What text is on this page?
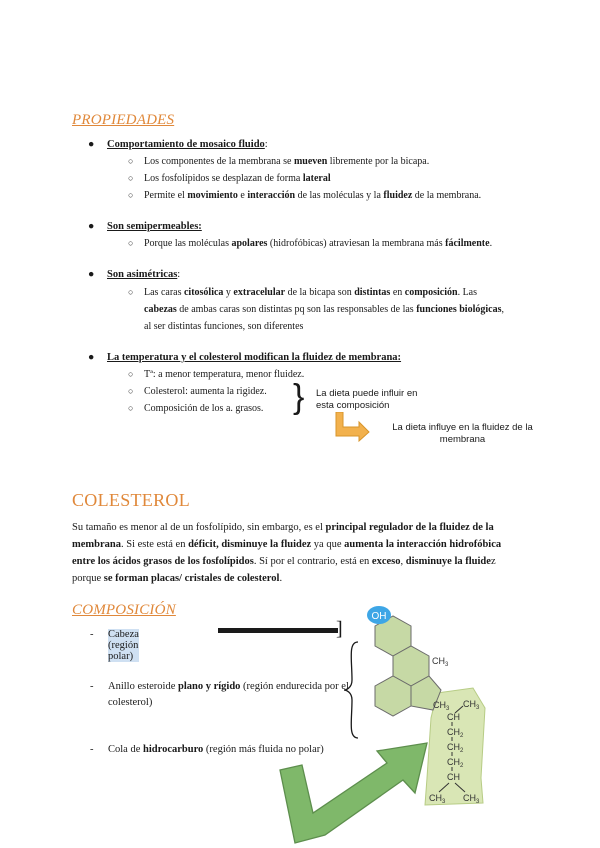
PROPIEDADES
● Comportamiento de mosaico fluido:
○ Los componentes de la membrana se mueven libremente por la bicapa.
○ Los fosfolípidos se desplazan de forma lateral
○ Permite el movimiento e interacción de las moléculas y la fluidez de la membrana.
● Son semipermeables:
○ Porque las moléculas apolares (hidrofóbicas) atraviesan la membrana más fácilmente.
● Son asimétricas:
○ Las caras citosólica y extracelular de la bicapa son distintas en composición. Las
cabezas de ambas caras son distintas pq son las responsables de las funciones biológicas,
al ser distintas funciones, son diferentes
● La temperatura y el colesterol modifican la fluidez de membrana:
○ Tª: a menor temperatura, menor fluidez.
○ Colesterol: aumenta la rigidez.
○ Composición de los a. grasos. } La dieta puede influir en esta composición
La dieta influye en la fluidez de la membrana
COLESTEROL
Su tamaño es menor al de un fosfolípido, sin embargo, es el principal regulador de la fluidez de la
membrana. Si este está en déficit, disminuye la fluidez ya que aumenta la interacción hidrofóbica
entre los ácidos grasos de los fosfolípidos. Sí por el contrario, está en exceso, disminuye la fluidez
porque se forman placas/ cristales de colesterol.
COMPOSICIÓN
- Cabeza (región polar)
]
- Anillo esteroide plano y rígido (región endurecida por el
colesterol)
- Cola de hidrocarburo (región más fluida no polar)
OH
$CH_3$
$CH_3$
CH
$CH_3$
$CH_2$
$CH_2$
$CH_2$
CH
$CH_3$ $CH_3$
